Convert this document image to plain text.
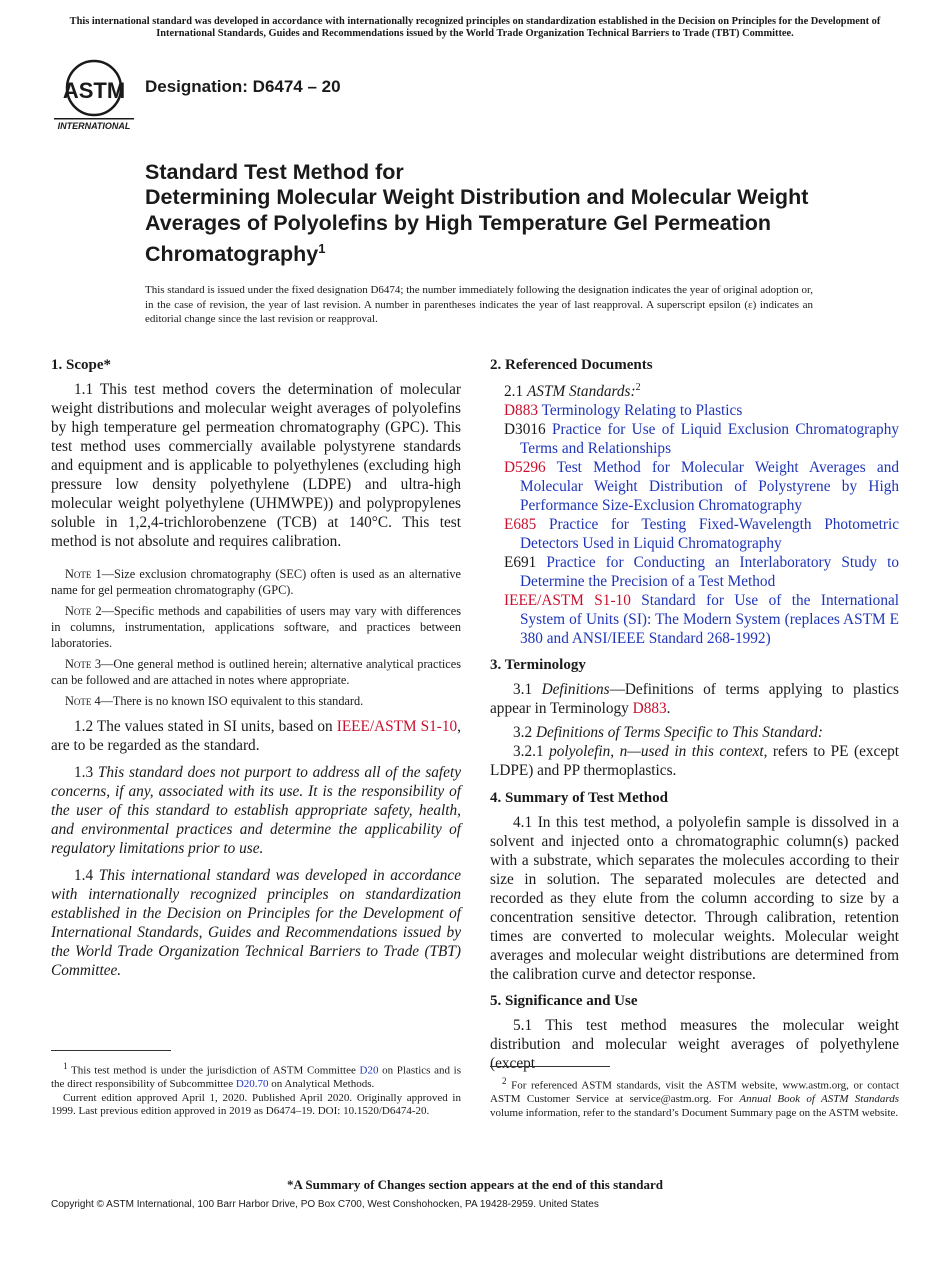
This international standard was developed in accordance with internationally recognized principles on standardization established in the Decision on Principles for the Development of International Standards, Guides and Recommendations issued by the World Trade Organization Technical Barriers to Trade (TBT) Committee.
ASTM
INTERNATIONAL
Designation: D6474 – 20
Standard Test Method for
Determining Molecular Weight Distribution and Molecular Weight Averages of Polyolefins by High Temperature Gel Permeation Chromatography$^1$
This standard is issued under the fixed designation D6474; the number immediately following the designation indicates the year of original adoption or, in the case of revision, the year of last revision. A number in parentheses indicates the year of last reapproval. A superscript epsilon (ε) indicates an editorial change since the last revision or reapproval.
1. Scope*

1.1 This test method covers the determination of molecular weight distributions and molecular weight averages of polyolefins by high temperature gel permeation chromatography (GPC). This test method uses commercially available polystyrene standards and equipment and is applicable to polyethylenes (excluding high pressure low density polyethylene (LDPE) and ultra-high molecular weight polyethylene (UHMWPE)) and polypropylenes soluble in 1,2,4-trichlorobenzene (TCB) at 140°C. This test method is not absolute and requires calibration.

Note 1—Size exclusion chromatography (SEC) often is used as an alternative name for gel permeation chromatography (GPC).

Note 2—Specific methods and capabilities of users may vary with differences in columns, instrumentation, applications software, and practices between laboratories.

Note 3—One general method is outlined herein; alternative analytical practices can be followed and are attached in notes where appropriate.

Note 4—There is no known ISO equivalent to this standard.

1.2 The values stated in SI units, based on IEEE/ASTM S1-10, are to be regarded as the standard.

1.3 This standard does not purport to address all of the safety concerns, if any, associated with its use. It is the responsibility of the user of this standard to establish appropriate safety, health, and environmental practices and determine the applicability of regulatory limitations prior to use.

1.4 This international standard was developed in accordance with internationally recognized principles on standardization established in the Decision on Principles for the Development of International Standards, Guides and Recommendations issued by the World Trade Organization Technical Barriers to Trade (TBT) Committee.

$^1$ This test method is under the jurisdiction of ASTM Committee D20 on Plastics and is the direct responsibility of Subcommittee D20.70 on Analytical Methods.
Current edition approved April 1, 2020. Published April 2020. Originally approved in 1999. Last previous edition approved in 2019 as D6474–19. DOI: 10.1520/D6474-20.
2. Referenced Documents
2.1 ASTM Standards:$^2$
D883 Terminology Relating to Plastics
D3016 Practice for Use of Liquid Exclusion Chromatography Terms and Relationships
D5296 Test Method for Molecular Weight Averages and Molecular Weight Distribution of Polystyrene by High Performance Size-Exclusion Chromatography
E685 Practice for Testing Fixed-Wavelength Photometric Detectors Used in Liquid Chromatography
E691 Practice for Conducting an Interlaboratory Study to Determine the Precision of a Test Method
IEEE/ASTM S1-10 Standard for Use of the International System of Units (SI): The Modern System (replaces ASTM E 380 and ANSI/IEEE Standard 268-1992)
3. Terminology

3.1 Definitions—Definitions of terms applying to plastics appear in Terminology D883.

3.2 Definitions of Terms Specific to This Standard:

3.2.1 polyolefin, n—used in this context, refers to PE (except LDPE) and PP thermoplastics.

4. Summary of Test Method

4.1 In this test method, a polyolefin sample is dissolved in a solvent and injected onto a chromatographic column(s) packed with a substrate, which separates the molecules according to their size in solution. The separated molecules are detected and recorded as they elute from the column according to size by a concentration sensitive detector. Through calibration, retention times are converted to molecular weights. Molecular weight averages and molecular weight distributions are determined from the calibration curve and detector response.

5. Significance and Use

5.1 This test method measures the molecular weight distribution and molecular weight averages of polyethylene (except

$^2$ For referenced ASTM standards, visit the ASTM website, www.astm.org, or contact ASTM Customer Service at service@astm.org. For Annual Book of ASTM Standards volume information, refer to the standard’s Document Summary page on the ASTM website.
*A Summary of Changes section appears at the end of this standard
Copyright © ASTM International, 100 Barr Harbor Drive, PO Box C700, West Conshohocken, PA 19428-2959. United States
